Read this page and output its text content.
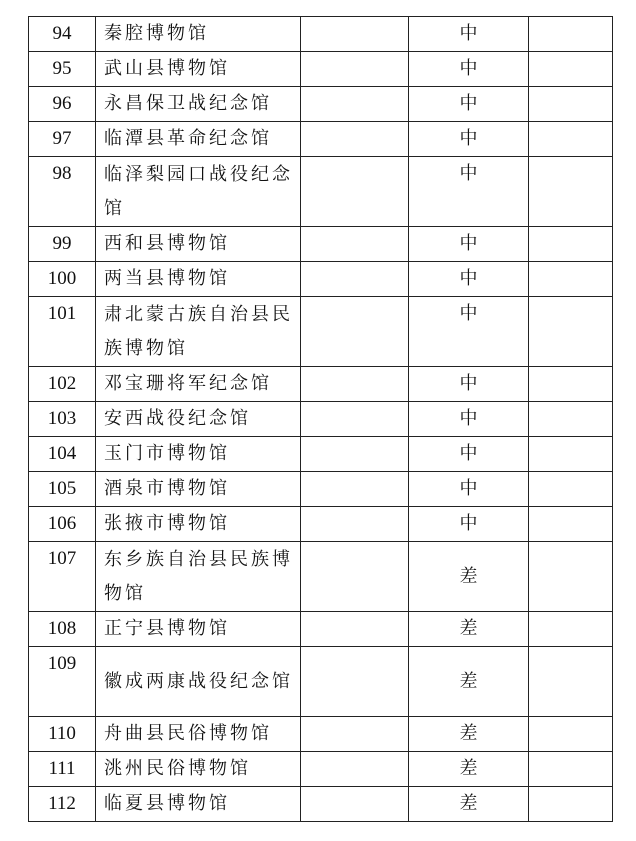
94	秦腔博物馆		中	
95	武山县博物馆		中	
96	永昌保卫战纪念馆		中	
97	临潭县革命纪念馆		中	
98	临泽梨园口战役纪念馆		中	
99	西和县博物馆		中	
100	两当县博物馆		中	
101	肃北蒙古族自治县民族博物馆		中	
102	邓宝珊将军纪念馆		中	
103	安西战役纪念馆		中	
104	玉门市博物馆		中	
105	酒泉市博物馆		中	
106	张掖市博物馆		中	
107	东乡族自治县民族博物馆		差	
108	正宁县博物馆		差	
109	徽成两康战役纪念馆		差	
110	舟曲县民俗博物馆		差	
111	洮州民俗博物馆		差	
112	临夏县博物馆		差	
